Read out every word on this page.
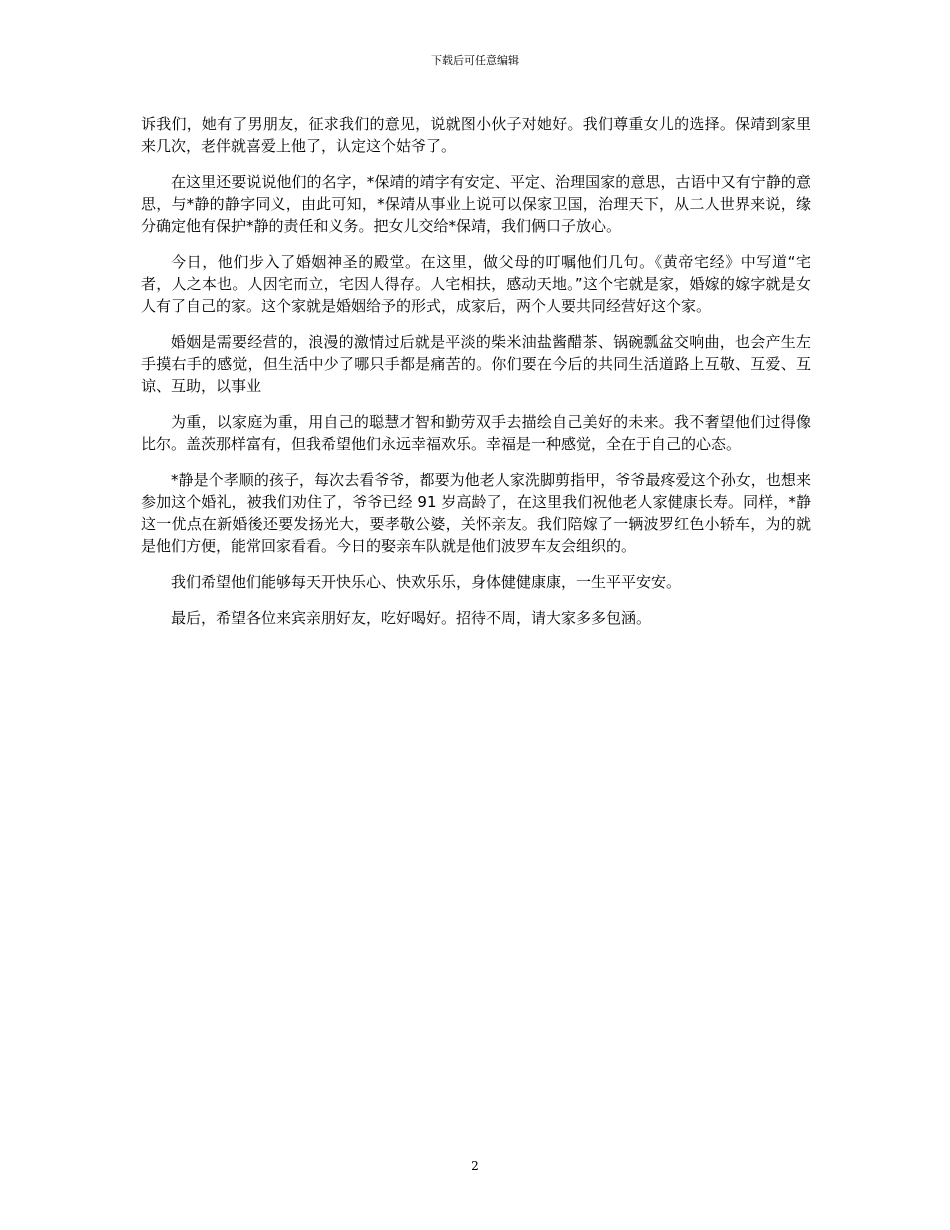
下载后可任意编辑

诉我们，她有了男朋友，征求我们的意见，说就图小伙子对她好。我们尊重女儿的选择。保靖到家里来几次，老伴就喜爱上他了，认定这个姑爷了。

在这里还要说说他们的名字，*保靖的靖字有安定、平定、治理国家的意思，古语中又有宁静的意思，与*静的静字同义，由此可知，*保靖从事业上说可以保家卫国，治理天下，从二人世界来说，缘分确定他有保护*静的责任和义务。把女儿交给*保靖，我们俩口子放心。

今日，他们步入了婚姻神圣的殿堂。在这里，做父母的叮嘱他们几句。《黄帝宅经》中写道“宅者，人之本也。人因宅而立，宅因人得存。人宅相扶，感动天地。”这个宅就是家，婚嫁的嫁字就是女人有了自己的家。这个家就是婚姻给予的形式，成家后，两个人要共同经营好这个家。

婚姻是需要经营的，浪漫的激情过后就是平淡的柴米油盐酱醋茶、锅碗瓢盆交响曲，也会产生左手摸右手的感觉，但生活中少了哪只手都是痛苦的。你们要在今后的共同生活道路上互敬、互爱、互谅、互助，以事业

为重，以家庭为重，用自己的聪慧才智和勤劳双手去描绘自己美好的未来。我不奢望他们过得像比尔。盖茨那样富有，但我希望他们永远幸福欢乐。幸福是一种感觉，全在于自己的心态。

*静是个孝顺的孩子，每次去看爷爷，都要为他老人家洗脚剪指甲，爷爷最疼爱这个孙女，也想来参加这个婚礼，被我们劝住了，爷爷已经 91 岁高龄了，在这里我们祝他老人家健康长寿。同样，*静这一优点在新婚後还要发扬光大，要孝敬公婆，关怀亲友。我们陪嫁了一辆波罗红色小轿车，为的就是他们方便，能常回家看看。今日的娶亲车队就是他们波罗车友会组织的。

我们希望他们能够每天开快乐心、快欢乐乐，身体健健康康，一生平平安安。

最后，希望各位来宾亲朋好友，吃好喝好。招待不周，请大家多多包涵。

2
